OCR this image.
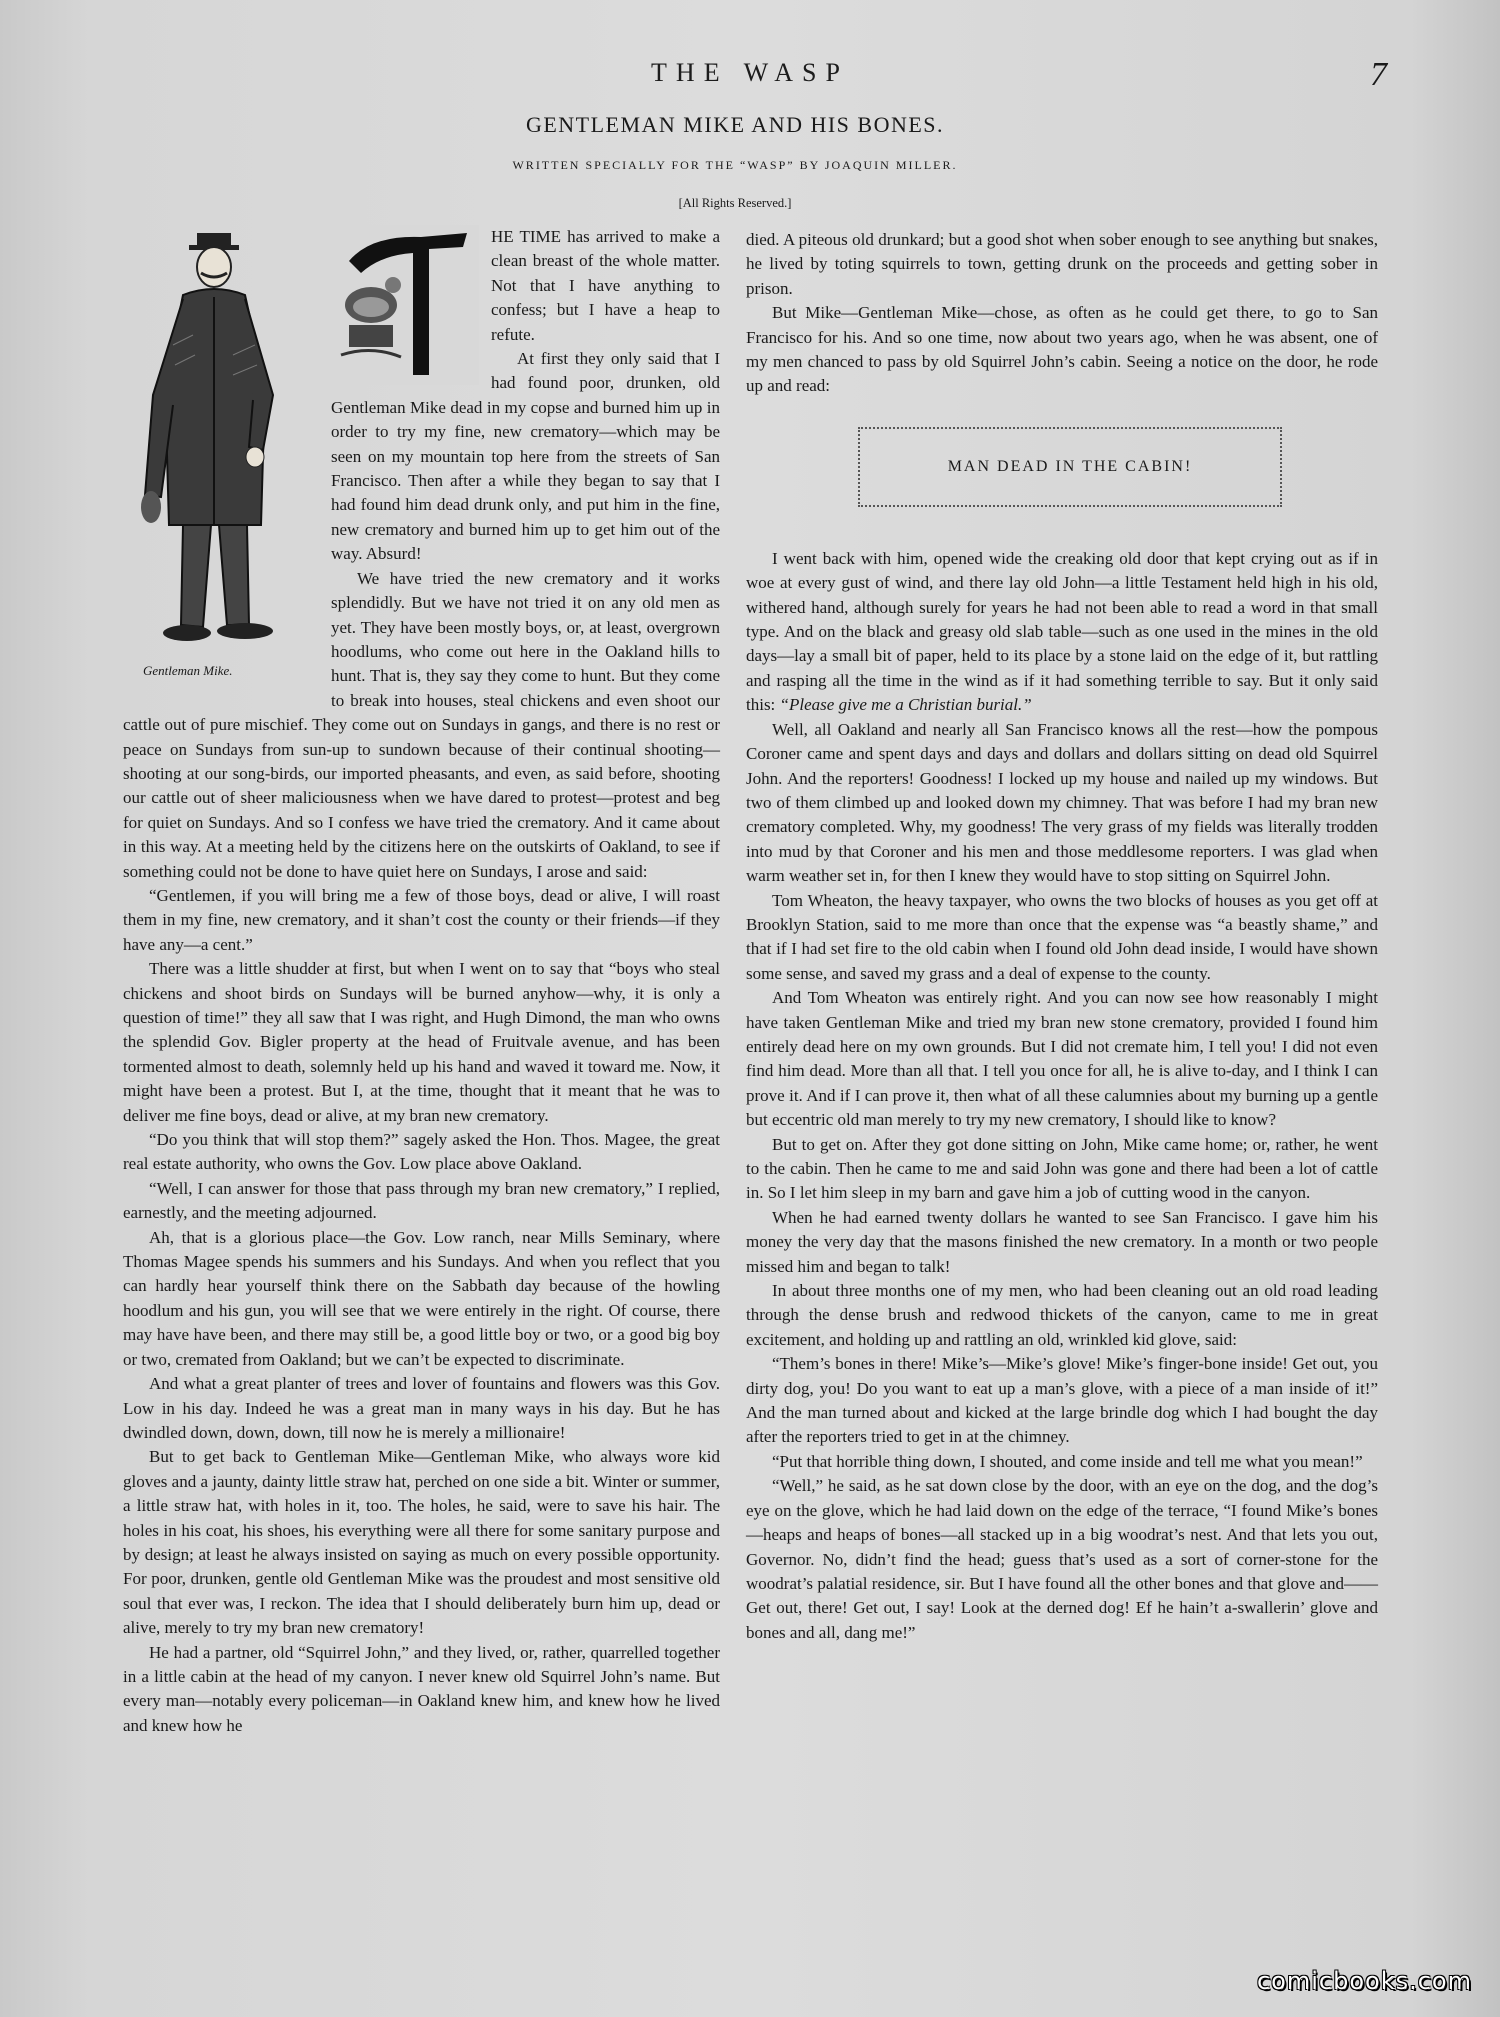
THE WASP	7
GENTLEMAN MIKE AND HIS BONES.
WRITTEN SPECIALLY FOR THE “WASP” BY JOAQUIN MILLER.
[All Rights Reserved.]
Gentleman Mike.

HE TIME has arrived to make a clean breast of the whole matter. Not that I have anything to confess; but I have a heap to refute.

At first they only said that I had found poor, drunken, old Gentleman Mike dead in my copse and burned him up in order to try my fine, new crematory—which may be seen on my mountain top here from the streets of San Francisco. Then after a while they began to say that I had found him dead drunk only, and put him in the fine, new crematory and burned him up to get him out of the way. Absurd!

We have tried the new crematory and it works splendidly. But we have not tried it on any old men as yet. They have been mostly boys, or, at least, overgrown hoodlums, who come out here in the Oakland hills to hunt. That is, they say they come to hunt. But they come to break into houses, steal chickens and even shoot our cattle out of pure mischief. They come out on Sundays in gangs, and there is no rest or peace on Sundays from sun-up to sundown because of their continual shooting—shooting at our song-birds, our imported pheasants, and even, as said before, shooting our cattle out of sheer maliciousness when we have dared to protest—protest and beg for quiet on Sundays. And so I confess we have tried the crematory. And it came about in this way. At a meeting held by the citizens here on the outskirts of Oakland, to see if something could not be done to have quiet here on Sundays, I arose and said:

“Gentlemen, if you will bring me a few of those boys, dead or alive, I will roast them in my fine, new crematory, and it shan’t cost the county or their friends—if they have any—a cent.”

There was a little shudder at first, but when I went on to say that “boys who steal chickens and shoot birds on Sundays will be burned anyhow—why, it is only a question of time!” they all saw that I was right, and Hugh Dimond, the man who owns the splendid Gov. Bigler property at the head of Fruitvale avenue, and has been tormented almost to death, solemnly held up his hand and waved it toward me. Now, it might have been a protest. But I, at the time, thought that it meant that he was to deliver me fine boys, dead or alive, at my bran new crematory.

“Do you think that will stop them?” sagely asked the Hon. Thos. Magee, the great real estate authority, who owns the Gov. Low place above Oakland.

“Well, I can answer for those that pass through my bran new crematory,” I replied, earnestly, and the meeting adjourned.

Ah, that is a glorious place—the Gov. Low ranch, near Mills Seminary, where Thomas Magee spends his summers and his Sundays. And when you reflect that you can hardly hear yourself think there on the Sabbath day because of the howling hoodlum and his gun, you will see that we were entirely in the right. Of course, there may have have been, and there may still be, a good little boy or two, or a good big boy or two, cremated from Oakland; but we can’t be expected to discriminate.

And what a great planter of trees and lover of fountains and flowers was this Gov. Low in his day. Indeed he was a great man in many ways in his day. But he has dwindled down, down, down, till now he is merely a millionaire!

But to get back to Gentleman Mike—Gentleman Mike, who always wore kid gloves and a jaunty, dainty little straw hat, perched on one side a bit. Winter or summer, a little straw hat, with holes in it, too. The holes, he said, were to save his hair. The holes in his coat, his shoes, his everything were all there for some sanitary purpose and by design; at least he always insisted on saying as much on every possible opportunity. For poor, drunken, gentle old Gentleman Mike was the proudest and most sensitive old soul that ever was, I reckon. The idea that I should deliberately burn him up, dead or alive, merely to try my bran new crematory!

He had a partner, old “Squirrel John,” and they lived, or, rather, quarrelled together in a little cabin at the head of my canyon. I never knew old Squirrel John’s name. But every man—notably every policeman—in Oakland knew him, and knew how he lived and knew how he

died. A piteous old drunkard; but a good shot when sober enough to see anything but snakes, he lived by toting squirrels to town, getting drunk on the proceeds and getting sober in prison.

But Mike—Gentleman Mike—chose, as often as he could get there, to go to San Francisco for his. And so one time, now about two years ago, when he was absent, one of my men chanced to pass by old Squirrel John’s cabin. Seeing a notice on the door, he rode up and read:

MAN DEAD IN THE CABIN!

I went back with him, opened wide the creaking old door that kept crying out as if in woe at every gust of wind, and there lay old John—a little Testament held high in his old, withered hand, although surely for years he had not been able to read a word in that small type. And on the black and greasy old slab table—such as one used in the mines in the old days—lay a small bit of paper, held to its place by a stone laid on the edge of it, but rattling and rasping all the time in the wind as if it had something terrible to say. But it only said this: “Please give me a Christian burial.”

Well, all Oakland and nearly all San Francisco knows all the rest—how the pompous Coroner came and spent days and days and dollars and dollars sitting on dead old Squirrel John. And the reporters! Goodness! I locked up my house and nailed up my windows. But two of them climbed up and looked down my chimney. That was before I had my bran new crematory completed. Why, my goodness! The very grass of my fields was literally trodden into mud by that Coroner and his men and those meddlesome reporters. I was glad when warm weather set in, for then I knew they would have to stop sitting on Squirrel John.

Tom Wheaton, the heavy taxpayer, who owns the two blocks of houses as you get off at Brooklyn Station, said to me more than once that the expense was “a beastly shame,” and that if I had set fire to the old cabin when I found old John dead inside, I would have shown some sense, and saved my grass and a deal of expense to the county.

And Tom Wheaton was entirely right. And you can now see how reasonably I might have taken Gentleman Mike and tried my bran new stone crematory, provided I found him entirely dead here on my own grounds. But I did not cremate him, I tell you! I did not even find him dead. More than all that. I tell you once for all, he is alive to-day, and I think I can prove it. And if I can prove it, then what of all these calumnies about my burning up a gentle but eccentric old man merely to try my new crematory, I should like to know?

But to get on. After they got done sitting on John, Mike came home; or, rather, he went to the cabin. Then he came to me and said John was gone and there had been a lot of cattle in. So I let him sleep in my barn and gave him a job of cutting wood in the canyon.

When he had earned twenty dollars he wanted to see San Francisco. I gave him his money the very day that the masons finished the new crematory. In a month or two people missed him and began to talk!

In about three months one of my men, who had been cleaning out an old road leading through the dense brush and redwood thickets of the canyon, came to me in great excitement, and holding up and rattling an old, wrinkled kid glove, said:

“Them’s bones in there! Mike’s—Mike’s glove! Mike’s finger-bone inside! Get out, you dirty dog, you! Do you want to eat up a man’s glove, with a piece of a man inside of it!” And the man turned about and kicked at the large brindle dog which I had bought the day after the reporters tried to get in at the chimney.

“Put that horrible thing down, I shouted, and come inside and tell me what you mean!”

“Well,” he said, as he sat down close by the door, with an eye on the dog, and the dog’s eye on the glove, which he had laid down on the edge of the terrace, “I found Mike’s bones—heaps and heaps of bones—all stacked up in a big woodrat’s nest. And that lets you out, Governor. No, didn’t find the head; guess that’s used as a sort of corner-stone for the woodrat’s palatial residence, sir. But I have found all the other bones and that glove and—— Get out, there! Get out, I say! Look at the derned dog! Ef he hain’t a-swallerin’ glove and bones and all, dang me!”

comicbooks.com
